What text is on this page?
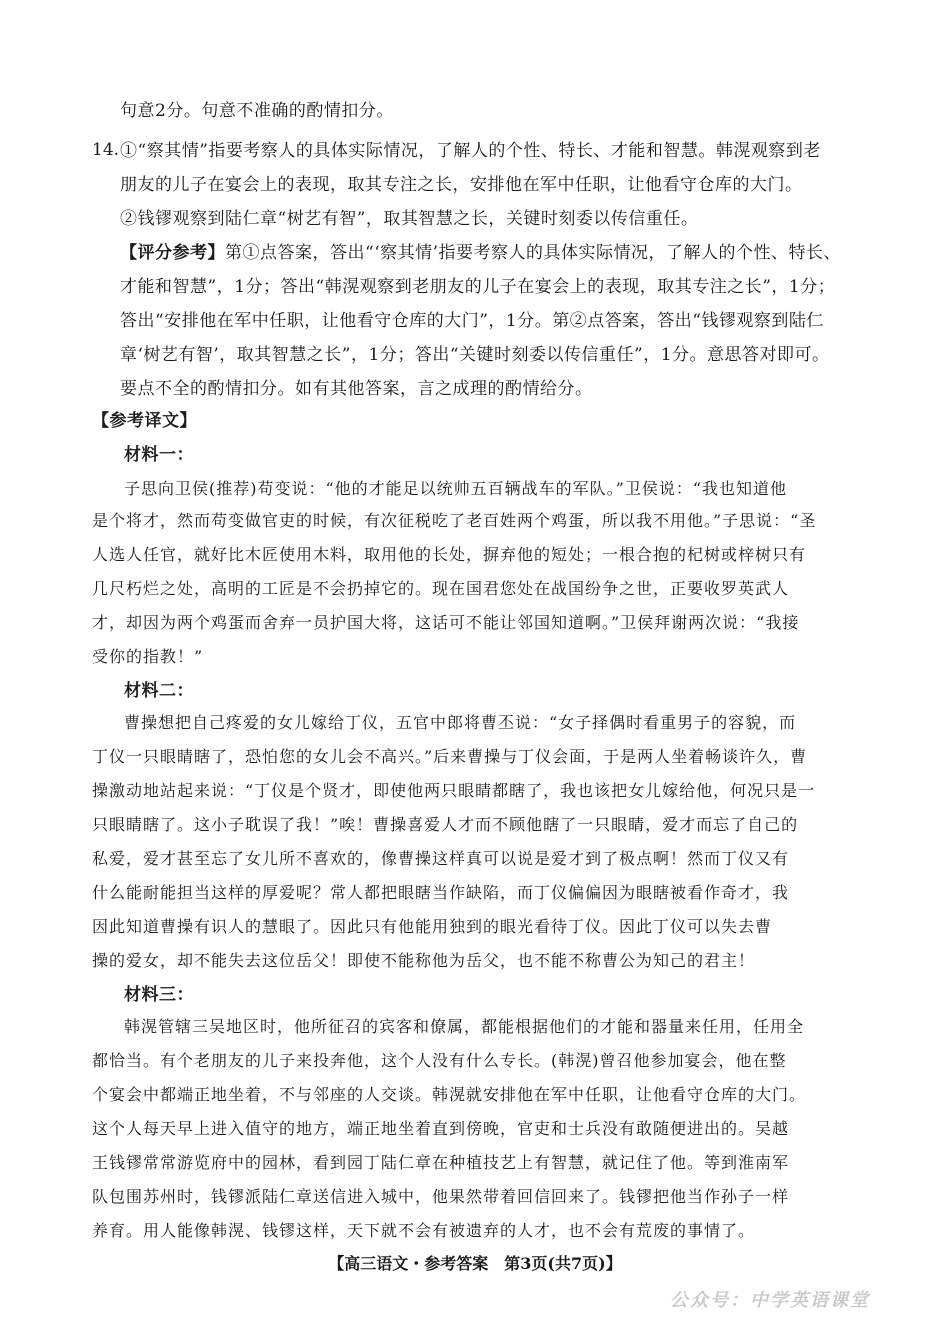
句意2分。句意不准确的酌情扣分。
14. ①“察其情”指要考察人的具体实际情况，了解人的个性、特长、才能和智慧。韩滉观察到老
朋友的儿子在宴会上的表现，取其专注之长，安排他在军中任职，让他看守仓库的大门。
②钱镠观察到陆仁章“树艺有智”，取其智慧之长，关键时刻委以传信重任。
【评分参考】第①点答案，答出“‘察其情’指要考察人的具体实际情况，了解人的个性、特长、
才能和智慧”，1分；答出“韩滉观察到老朋友的儿子在宴会上的表现，取其专注之长”，1分；
答出“安排他在军中任职，让他看守仓库的大门”，1分。第②点答案，答出“钱镠观察到陆仁
章‘树艺有智’，取其智慧之长”，1分；答出“关键时刻委以传信重任”，1分。意思答对即可。
要点不全的酌情扣分。如有其他答案，言之成理的酌情给分。
【参考译文】
材料一：
子思向卫侯(推荐)苟变说：“他的才能足以统帅五百辆战车的军队。”卫侯说：“我也知道他
是个将才，然而苟变做官吏的时候，有次征税吃了老百姓两个鸡蛋，所以我不用他。”子思说：“圣
人选人任官，就好比木匠使用木料，取用他的长处，摒弃他的短处；一根合抱的杞树或梓树只有
几尺朽烂之处，高明的工匠是不会扔掉它的。现在国君您处在战国纷争之世，正要收罗英武人
才，却因为两个鸡蛋而舍弃一员护国大将，这话可不能让邻国知道啊。”卫侯拜谢两次说：“我接
受你的指教！”
材料二：
曹操想把自己疼爱的女儿嫁给丁仪，五官中郎将曹丕说：“女子择偶时看重男子的容貌，而
丁仪一只眼睛瞎了，恐怕您的女儿会不高兴。”后来曹操与丁仪会面，于是两人坐着畅谈许久，曹
操激动地站起来说：“丁仪是个贤才，即使他两只眼睛都瞎了，我也该把女儿嫁给他，何况只是一
只眼睛瞎了。这小子耽误了我！”唉！曹操喜爱人才而不顾他瞎了一只眼睛，爱才而忘了自己的
私爱，爱才甚至忘了女儿所不喜欢的，像曹操这样真可以说是爱才到了极点啊！然而丁仪又有
什么能耐能担当这样的厚爱呢？常人都把眼瞎当作缺陷，而丁仪偏偏因为眼瞎被看作奇才，我
因此知道曹操有识人的慧眼了。因此只有他能用独到的眼光看待丁仪。因此丁仪可以失去曹
操的爱女，却不能失去这位岳父！即使不能称他为岳父，也不能不称曹公为知己的君主！
材料三：
韩滉管辖三吴地区时，他所征召的宾客和僚属，都能根据他们的才能和器量来任用，任用全
都恰当。有个老朋友的儿子来投奔他，这个人没有什么专长。(韩滉)曾召他参加宴会，他在整
个宴会中都端正地坐着，不与邻座的人交谈。韩滉就安排他在军中任职，让他看守仓库的大门。
这个人每天早上进入值守的地方，端正地坐着直到傍晚，官吏和士兵没有敢随便进出的。吴越
王钱镠常常游览府中的园林，看到园丁陆仁章在种植技艺上有智慧，就记住了他。等到淮南军
队包围苏州时，钱镠派陆仁章送信进入城中，他果然带着回信回来了。钱镠把他当作孙子一样
养育。用人能像韩滉、钱镠这样，天下就不会有被遗弃的人才，也不会有荒废的事情了。
【高三语文・参考答案　第3页(共7页)】
公众号：中学英语课堂
